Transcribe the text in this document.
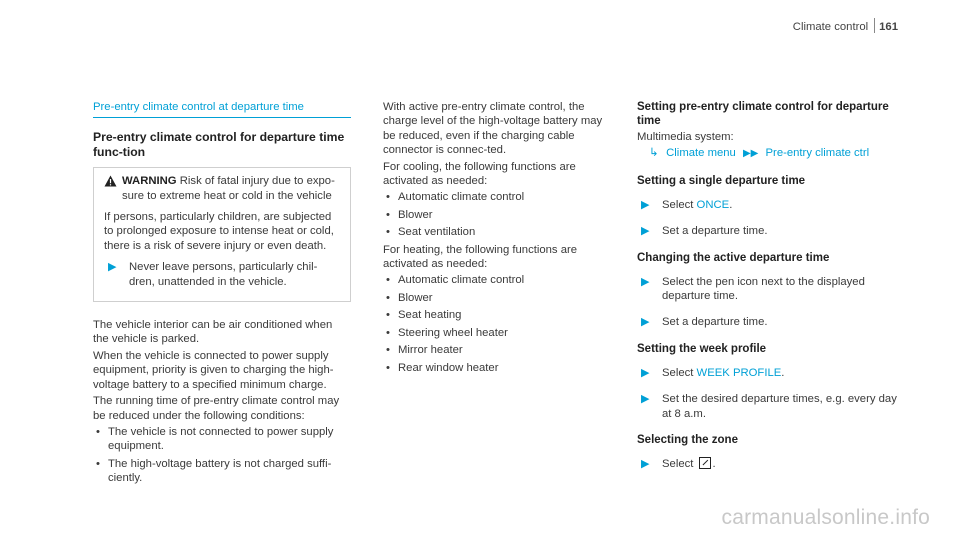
Climate control 161
Pre-entry climate control at departure time
Pre-entry climate control for departure time func-tion
WARNING Risk of fatal injury due to expo-sure to extreme heat or cold in the vehicle

If persons, particularly children, are subjected to prolonged exposure to intense heat or cold, there is a risk of severe injury or even death.

▶ Never leave persons, particularly chil-dren, unattended in the vehicle.

The vehicle interior can be air conditioned when the vehicle is parked.

When the vehicle is connected to power supply equipment, priority is given to charging the high-voltage battery to a specified minimum charge.

The running time of pre-entry climate control may be reduced under the following conditions:

• The vehicle is not connected to power supply equipment.
• The high-voltage battery is not charged suffi-ciently.

With active pre-entry climate control, the charge level of the high-voltage battery may be reduced, even if the charging cable connector is connec-ted.

For cooling, the following functions are activated as needed:

• Automatic climate control
• Blower
• Seat ventilation

For heating, the following functions are activated as needed:

• Automatic climate control
• Blower
• Seat heating
• Steering wheel heater
• Mirror heater
• Rear window heater
Setting pre-entry climate control for departure time

Multimedia system:

↳ Climate menu ▶▶ Pre-entry climate ctrl
Setting a single departure time
▶ Select ONCE.
▶ Set a departure time.
Changing the active departure time
▶ Select the pen icon next to the displayed departure time.
▶ Set a departure time.
Setting the week profile
▶ Select WEEK PROFILE.
▶ Set the desired departure times, e.g. every day at 8 a.m.
Selecting the zone
▶ Select .
carmanualsonline.info
